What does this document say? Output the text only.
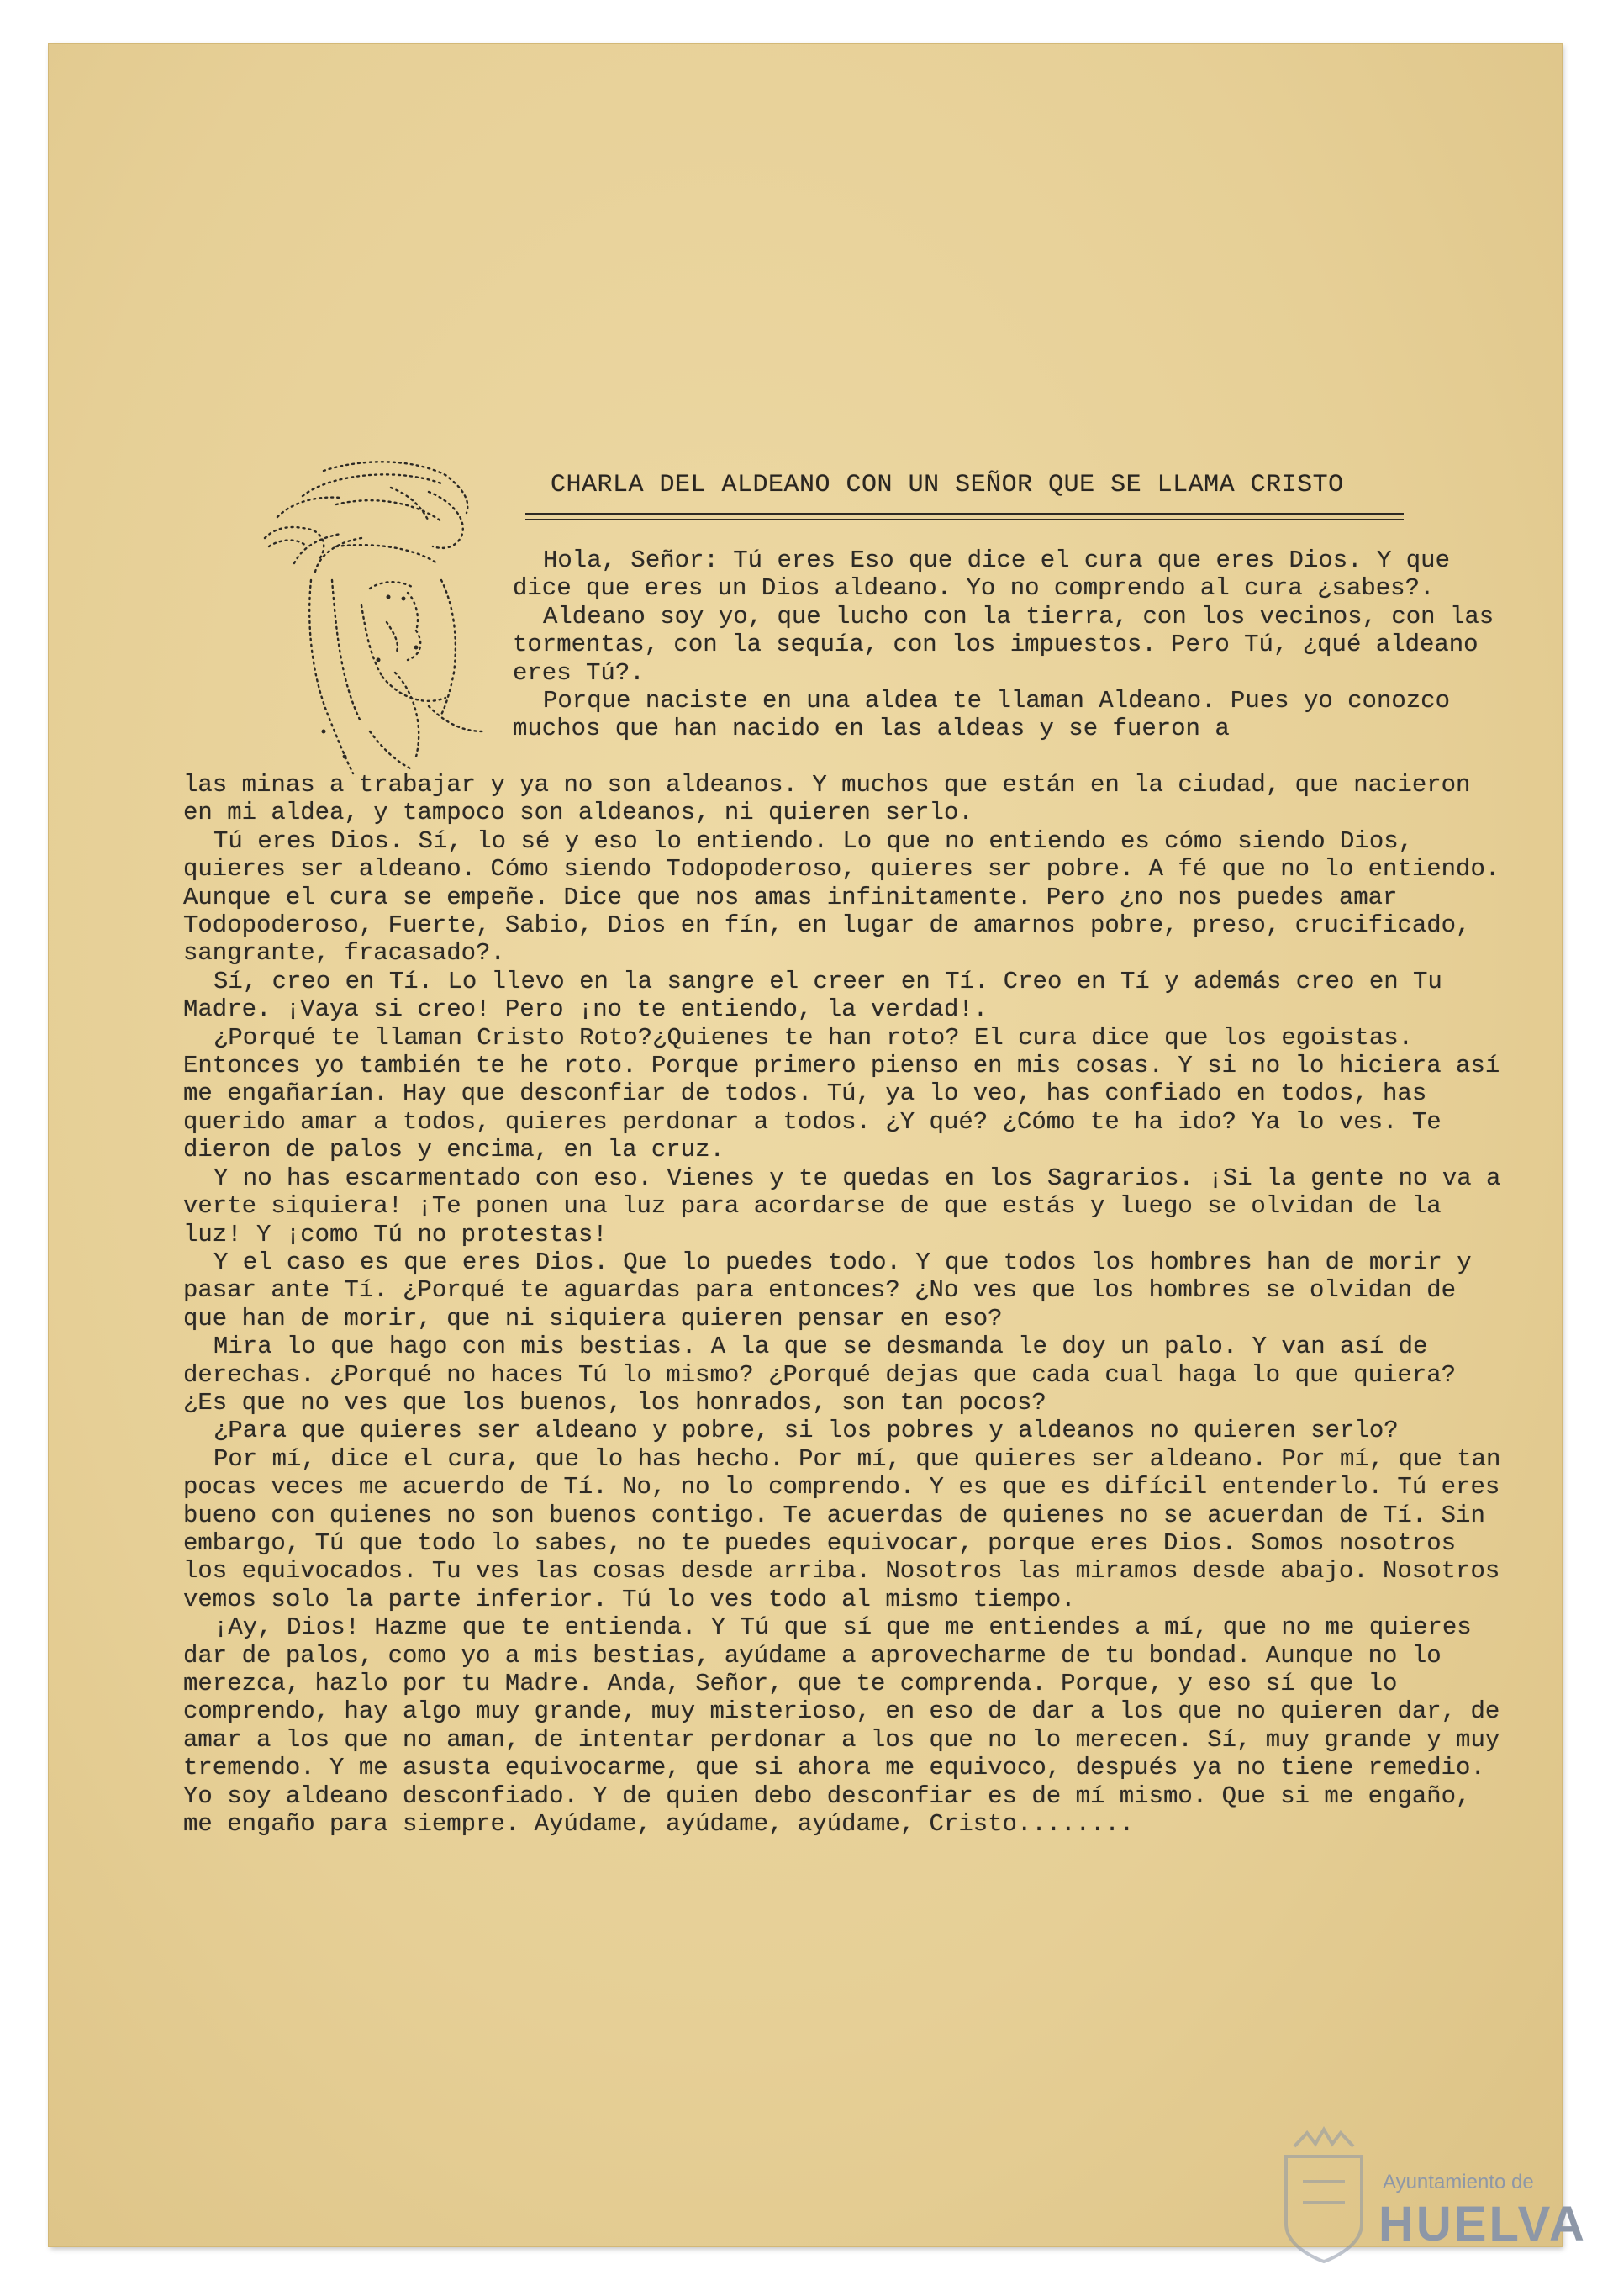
CHARLA DEL ALDEANO CON UN SEÑOR QUE SE LLAMA CRISTO

Hola, Señor: Tú eres Eso que dice el cura que eres Dios. Y que dice que eres un Dios aldeano. Yo no comprendo al cura ¿sabes?.

Aldeano soy yo, que lucho con la tierra, con los vecinos, con las tormentas, con la sequía, con los impuestos. Pero Tú, ¿qué aldeano eres Tú?.

Porque naciste en una aldea te llaman Aldeano. Pues yo conozco muchos que han nacido en las aldeas y se fueron a

las minas a trabajar y ya no son aldeanos. Y muchos que están en la ciudad, que nacieron en mi aldea, y tampoco son aldeanos, ni quieren serlo.

Tú eres Dios. Sí, lo sé y eso lo entiendo. Lo que no entiendo es cómo siendo Dios, quieres ser aldeano. Cómo siendo Todopoderoso, quieres ser pobre. A fé que no lo entiendo. Aunque el cura se empeñe. Dice que nos amas infinitamente. Pero ¿no nos puedes amar Todopoderoso, Fuerte, Sabio, Dios en fín, en lugar de amarnos pobre, preso, crucificado, sangrante, fracasado?.

Sí, creo en Tí. Lo llevo en la sangre el creer en Tí. Creo en Tí y además creo en Tu Madre. ¡Vaya si creo! Pero ¡no te entiendo, la verdad!.

¿Porqué te llaman Cristo Roto?¿Quienes te han roto? El cura dice que los egoistas. Entonces yo también te he roto. Porque primero pienso en mis cosas. Y si no lo hiciera así me engañarían. Hay que desconfiar de todos. Tú, ya lo veo, has confiado en todos, has querido amar a todos, quieres perdonar a todos. ¿Y qué? ¿Cómo te ha ido? Ya lo ves. Te dieron de palos y encima, en la cruz.

Y no has escarmentado con eso. Vienes y te quedas en los Sagrarios. ¡Si la gente no va a verte siquiera! ¡Te ponen una luz para acordarse de que estás y luego se olvidan de la luz! Y ¡como Tú no protestas!

Y el caso es que eres Dios. Que lo puedes todo. Y que todos los hombres han de morir y pasar ante Tí. ¿Porqué te aguardas para entonces? ¿No ves que los hombres se olvidan de que han de morir, que ni siquiera quieren pensar en eso?

Mira lo que hago con mis bestias. A la que se desmanda le doy un palo. Y van así de derechas. ¿Porqué no haces Tú lo mismo? ¿Porqué dejas que cada cual haga lo que quiera? ¿Es que no ves que los buenos, los honrados, son tan pocos?

¿Para que quieres ser aldeano y pobre, si los pobres y aldeanos no quieren serlo?

Por mí, dice el cura, que lo has hecho. Por mí, que quieres ser aldeano. Por mí, que tan pocas veces me acuerdo de Tí. No, no lo comprendo. Y es que es difícil entenderlo. Tú eres bueno con quienes no son buenos contigo. Te acuerdas de quienes no se acuerdan de Tí. Sin embargo, Tú que todo lo sabes, no te puedes equivocar, porque eres Dios. Somos nosotros los equivocados. Tu ves las cosas desde arriba. Nosotros las miramos desde abajo. Nosotros vemos solo la parte inferior. Tú lo ves todo al mismo tiempo.

¡Ay, Dios! Hazme que te entienda. Y Tú que sí que me entiendes a mí, que no me quieres dar de palos, como yo a mis bestias, ayúdame a aprovecharme de tu bondad. Aunque no lo merezca, hazlo por tu Madre. Anda, Señor, que te comprenda. Porque, y eso sí que lo comprendo, hay algo muy grande, muy misterioso, en eso de dar a los que no quieren dar, de amar a los que no aman, de intentar perdonar a los que no lo merecen. Sí, muy grande y muy tremendo. Y me asusta equivocarme, que si ahora me equivoco, después ya no tiene remedio. Yo soy aldeano desconfiado. Y de quien debo desconfiar es de mí mismo. Que si me engaño, me engaño para siempre. Ayúdame, ayúdame, ayúdame, Cristo........

Ayuntamiento de
HUELVA
